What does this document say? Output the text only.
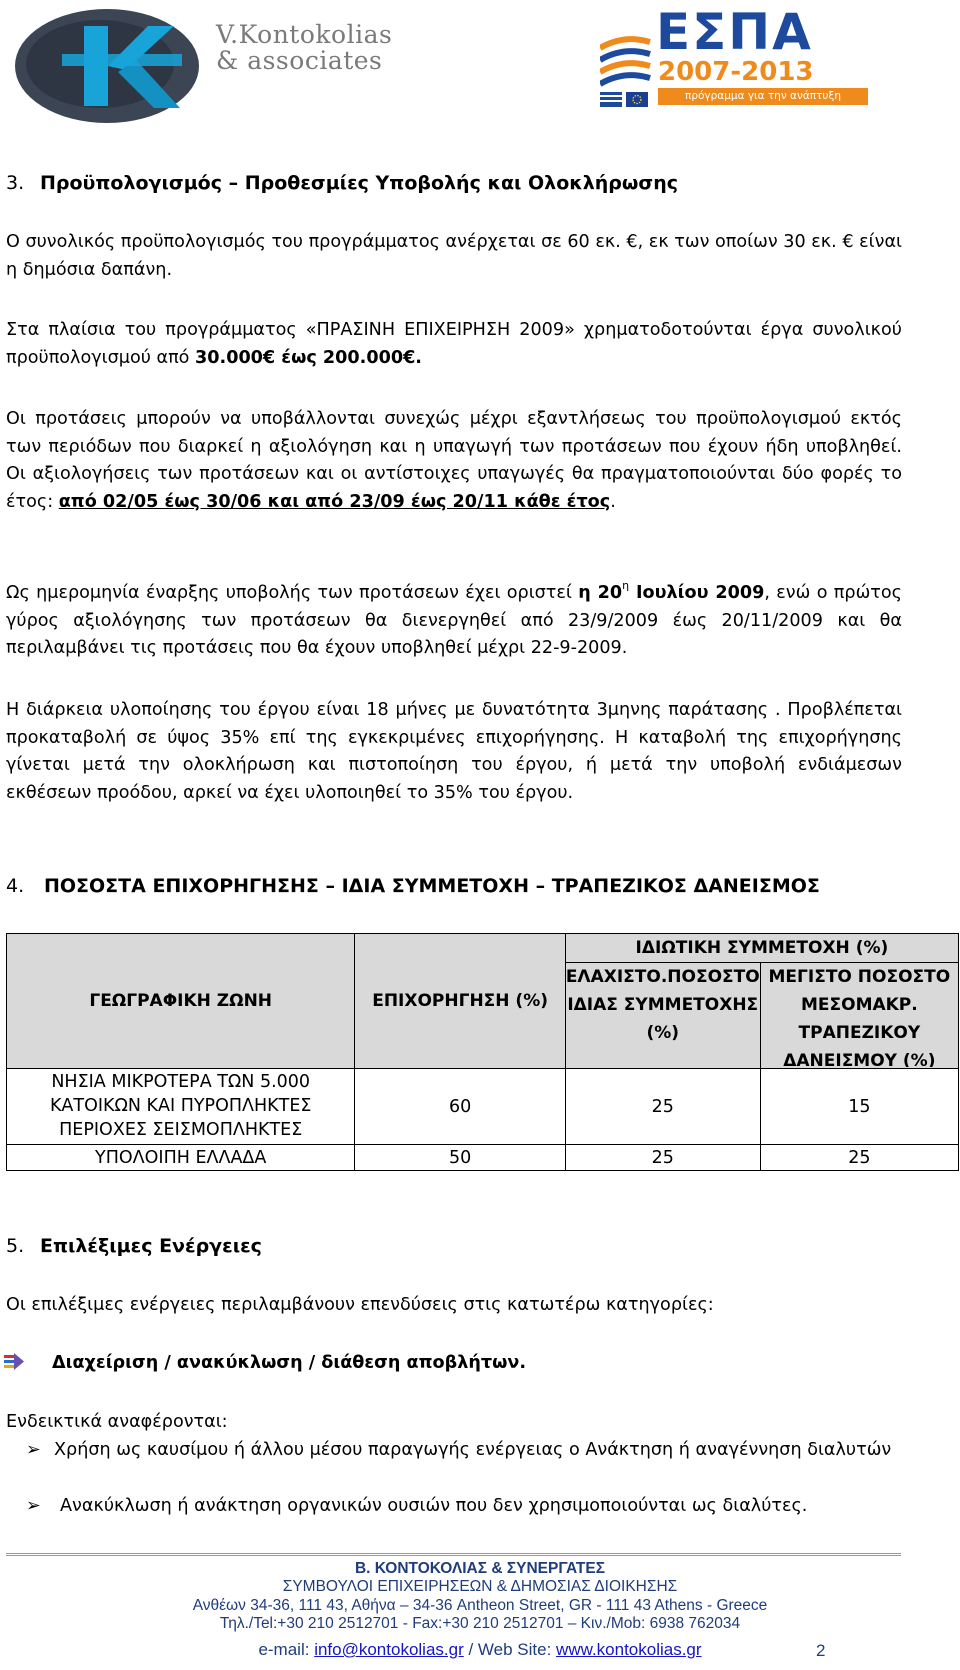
V.Kontokolias
& associates	ΕΣΠΑ
2007-2013
πρόγραμμα για την ανάπτυξη
3. Προϋπολογισμός – Προθεσμίες Υποβολής και Ολοκλήρωσης
Ο συνολικός προϋπολογισμός του προγράμματος ανέρχεται σε 60 εκ. €, εκ των οποίων 30 εκ. € είναι η δημόσια δαπάνη.
Στα πλαίσια του προγράμματος «ΠΡΑΣΙΝΗ ΕΠΙΧΕΙΡΗΣΗ 2009» χρηματοδοτούνται έργα συνολικού προϋπολογισμού από 30.000€ έως 200.000€.
Οι προτάσεις μπορούν να υποβάλλονται συνεχώς μέχρι εξαντλήσεως του προϋπολογισμού εκτός των περιόδων που διαρκεί η αξιολόγηση και η υπαγωγή των προτάσεων που έχουν ήδη υποβληθεί. Οι αξιολογήσεις των προτάσεων και οι αντίστοιχες υπαγωγές θα πραγματοποιούνται δύο φορές το έτος: από 02/05 έως 30/06 και από 23/09 έως 20/11 κάθε έτος.
Ως ημερομηνία έναρξης υποβολής των προτάσεων έχει οριστεί η $20^\eta$ Ιουλίου 2009, ενώ ο πρώτος γύρος αξιολόγησης των προτάσεων θα διενεργηθεί από 23/9/2009 έως 20/11/2009 και θα περιλαμβάνει τις προτάσεις που θα έχουν υποβληθεί μέχρι 22-9-2009.
Η διάρκεια υλοποίησης του έργου είναι 18 μήνες με δυνατότητα 3μηνης παράτασης . Προβλέπεται προκαταβολή σε ύψος 35% επί της εγκεκριμένες επιχορήγησης. Η καταβολή της επιχορήγησης γίνεται μετά την ολοκλήρωση και πιστοποίηση του έργου, ή μετά την υποβολή ενδιάμεσων εκθέσεων προόδου, αρκεί να έχει υλοποιηθεί το 35% του έργου.
4. ΠΟΣΟΣΤΑ ΕΠΙΧΟΡΗΓΗΣΗΣ – ΙΔΙΑ ΣΥΜΜΕΤΟΧΗ – ΤΡΑΠΕΖΙΚΟΣ ΔΑΝΕΙΣΜΟΣ
ΓΕΩΓΡΑΦΙΚΗ ΖΩΝΗ	ΕΠΙΧΟΡΗΓΗΣΗ (%)	ΙΔΙΩΤΙΚΗ ΣΥΜΜΕΤΟΧΗ (%)	

		ΕΛΑΧΙΣΤΟ.ΠΟΣΟΣΤΟ ΙΔΙΑΣ ΣΥΜΜΕΤΟΧΗΣ (%)	ΜΕΓΙΣΤΟ ΠΟΣΟΣΤΟ ΜΕΣΟΜΑΚΡ. ΤΡΑΠΕΖΙΚΟΥ ΔΑΝΕΙΣΜΟΥ (%)

ΝΗΣΙΑ ΜΙΚΡΟΤΕΡΑ ΤΩΝ 5.000 ΚΑΤΟΙΚΩΝ ΚΑΙ ΠΥΡΟΠΛΗΚΤΕΣ ΠΕΡΙΟΧΕΣ ΣΕΙΣΜΟΠΛΗΚΤΕΣ	60	25	15
ΥΠΟΛΟΙΠΗ ΕΛΛΑΔΑ	50	25	25
5. Επιλέξιμες Ενέργειες
Οι επιλέξιμες ενέργειες περιλαμβάνουν επενδύσεις στις κατωτέρω κατηγορίες:
Διαχείριση / ανακύκλωση / διάθεση αποβλήτων.
Ενδεικτικά αναφέρονται:
➢ Χρήση ως καυσίμου ή άλλου μέσου παραγωγής ενέργειας ο Ανάκτηση ή αναγέννηση διαλυτών
➢ Ανακύκλωση ή ανάκτηση οργανικών ουσιών που δεν χρησιμοποιούνται ως διαλύτες.
Β. ΚΟΝΤΟΚΟΛΙΑΣ & ΣΥΝΕΡΓΑΤΕΣ
ΣΥΜΒΟΥΛΟΙ ΕΠΙΧΕΙΡΗΣΕΩΝ & ΔΗΜΟΣΙΑΣ ΔΙΟΙΚΗΣΗΣ
Ανθέων 34-36, 111 43, Αθήνα – 34-36 Antheon Street, GR - 111 43 Athens - Greece
Τηλ./Tel:+30 210 2512701 - Fax:+30 210 2512701 – Κιν./Mob: 6938 762034
e-mail: info@kontokolias.gr / Web Site: www.kontokolias.gr	2
